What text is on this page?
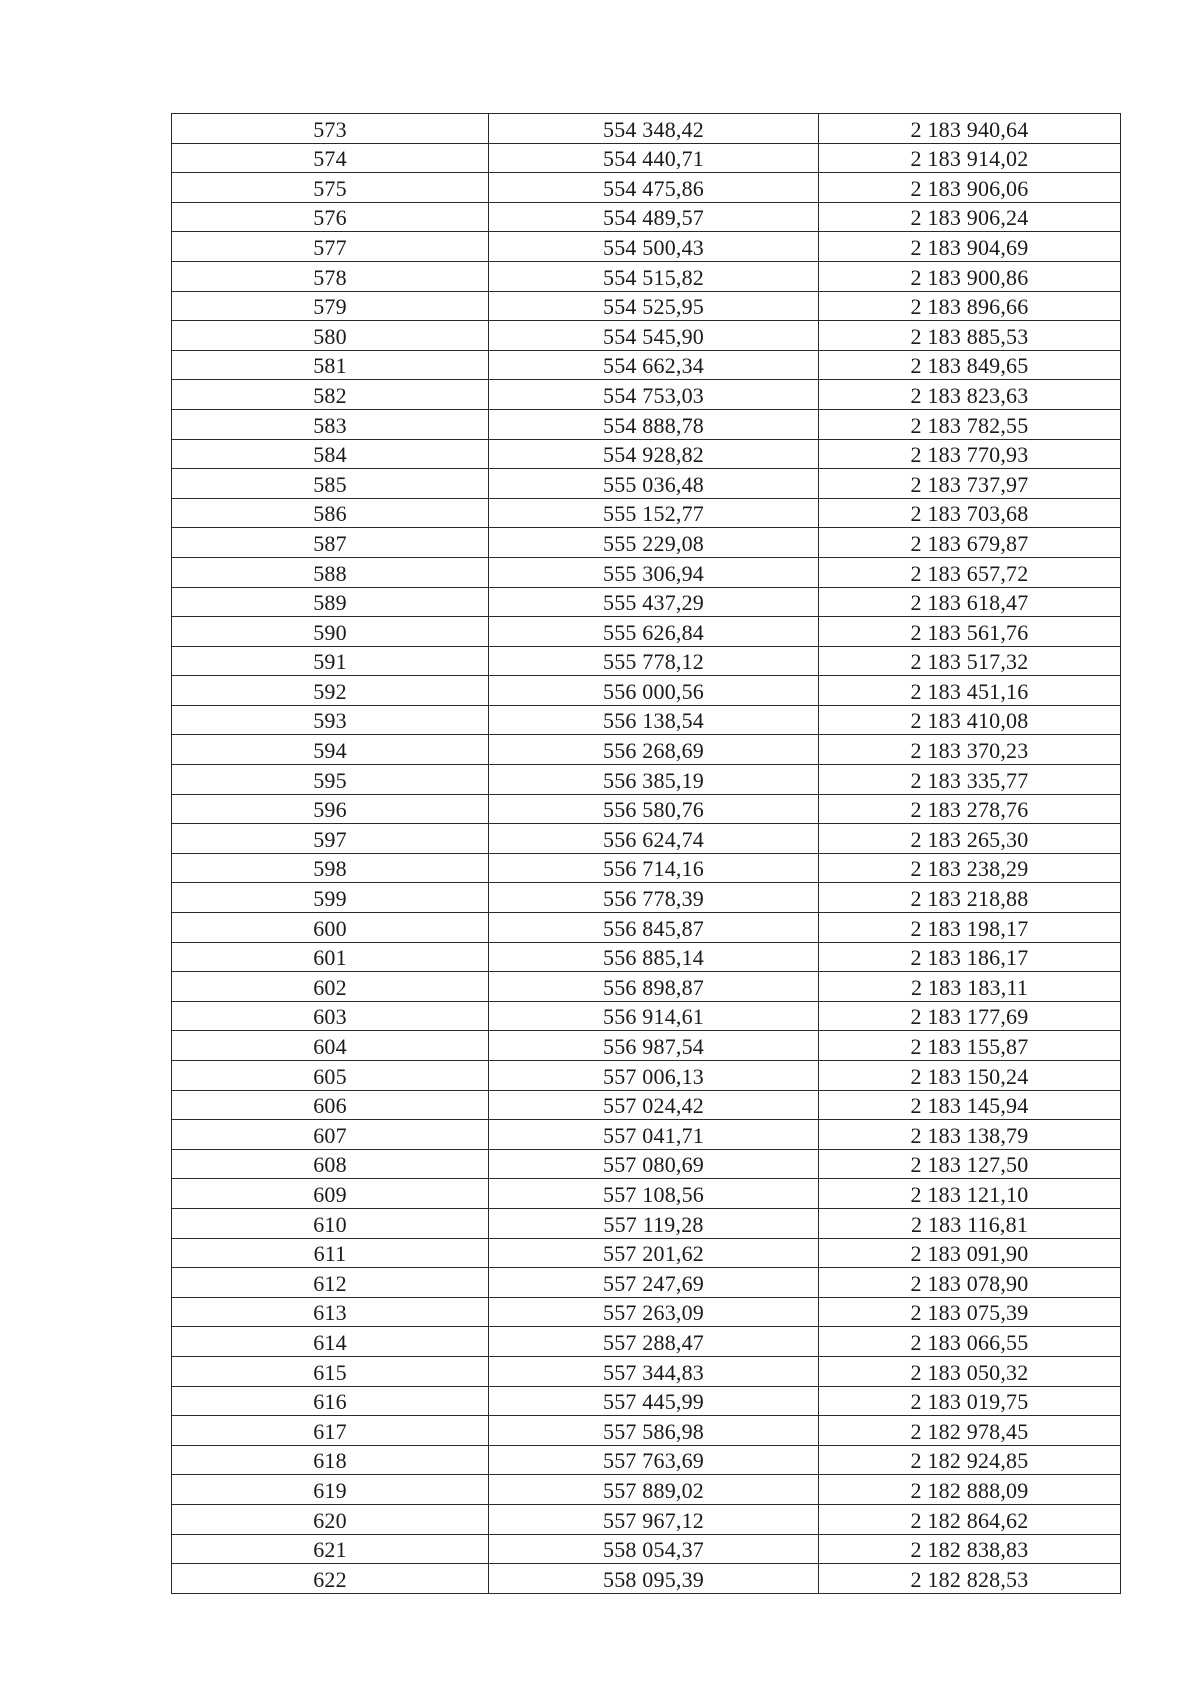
573	554 348,42	2 183 940,64
574	554 440,71	2 183 914,02
575	554 475,86	2 183 906,06
576	554 489,57	2 183 906,24
577	554 500,43	2 183 904,69
578	554 515,82	2 183 900,86
579	554 525,95	2 183 896,66
580	554 545,90	2 183 885,53
581	554 662,34	2 183 849,65
582	554 753,03	2 183 823,63
583	554 888,78	2 183 782,55
584	554 928,82	2 183 770,93
585	555 036,48	2 183 737,97
586	555 152,77	2 183 703,68
587	555 229,08	2 183 679,87
588	555 306,94	2 183 657,72
589	555 437,29	2 183 618,47
590	555 626,84	2 183 561,76
591	555 778,12	2 183 517,32
592	556 000,56	2 183 451,16
593	556 138,54	2 183 410,08
594	556 268,69	2 183 370,23
595	556 385,19	2 183 335,77
596	556 580,76	2 183 278,76
597	556 624,74	2 183 265,30
598	556 714,16	2 183 238,29
599	556 778,39	2 183 218,88
600	556 845,87	2 183 198,17
601	556 885,14	2 183 186,17
602	556 898,87	2 183 183,11
603	556 914,61	2 183 177,69
604	556 987,54	2 183 155,87
605	557 006,13	2 183 150,24
606	557 024,42	2 183 145,94
607	557 041,71	2 183 138,79
608	557 080,69	2 183 127,50
609	557 108,56	2 183 121,10
610	557 119,28	2 183 116,81
611	557 201,62	2 183 091,90
612	557 247,69	2 183 078,90
613	557 263,09	2 183 075,39
614	557 288,47	2 183 066,55
615	557 344,83	2 183 050,32
616	557 445,99	2 183 019,75
617	557 586,98	2 182 978,45
618	557 763,69	2 182 924,85
619	557 889,02	2 182 888,09
620	557 967,12	2 182 864,62
621	558 054,37	2 182 838,83
622	558 095,39	2 182 828,53
